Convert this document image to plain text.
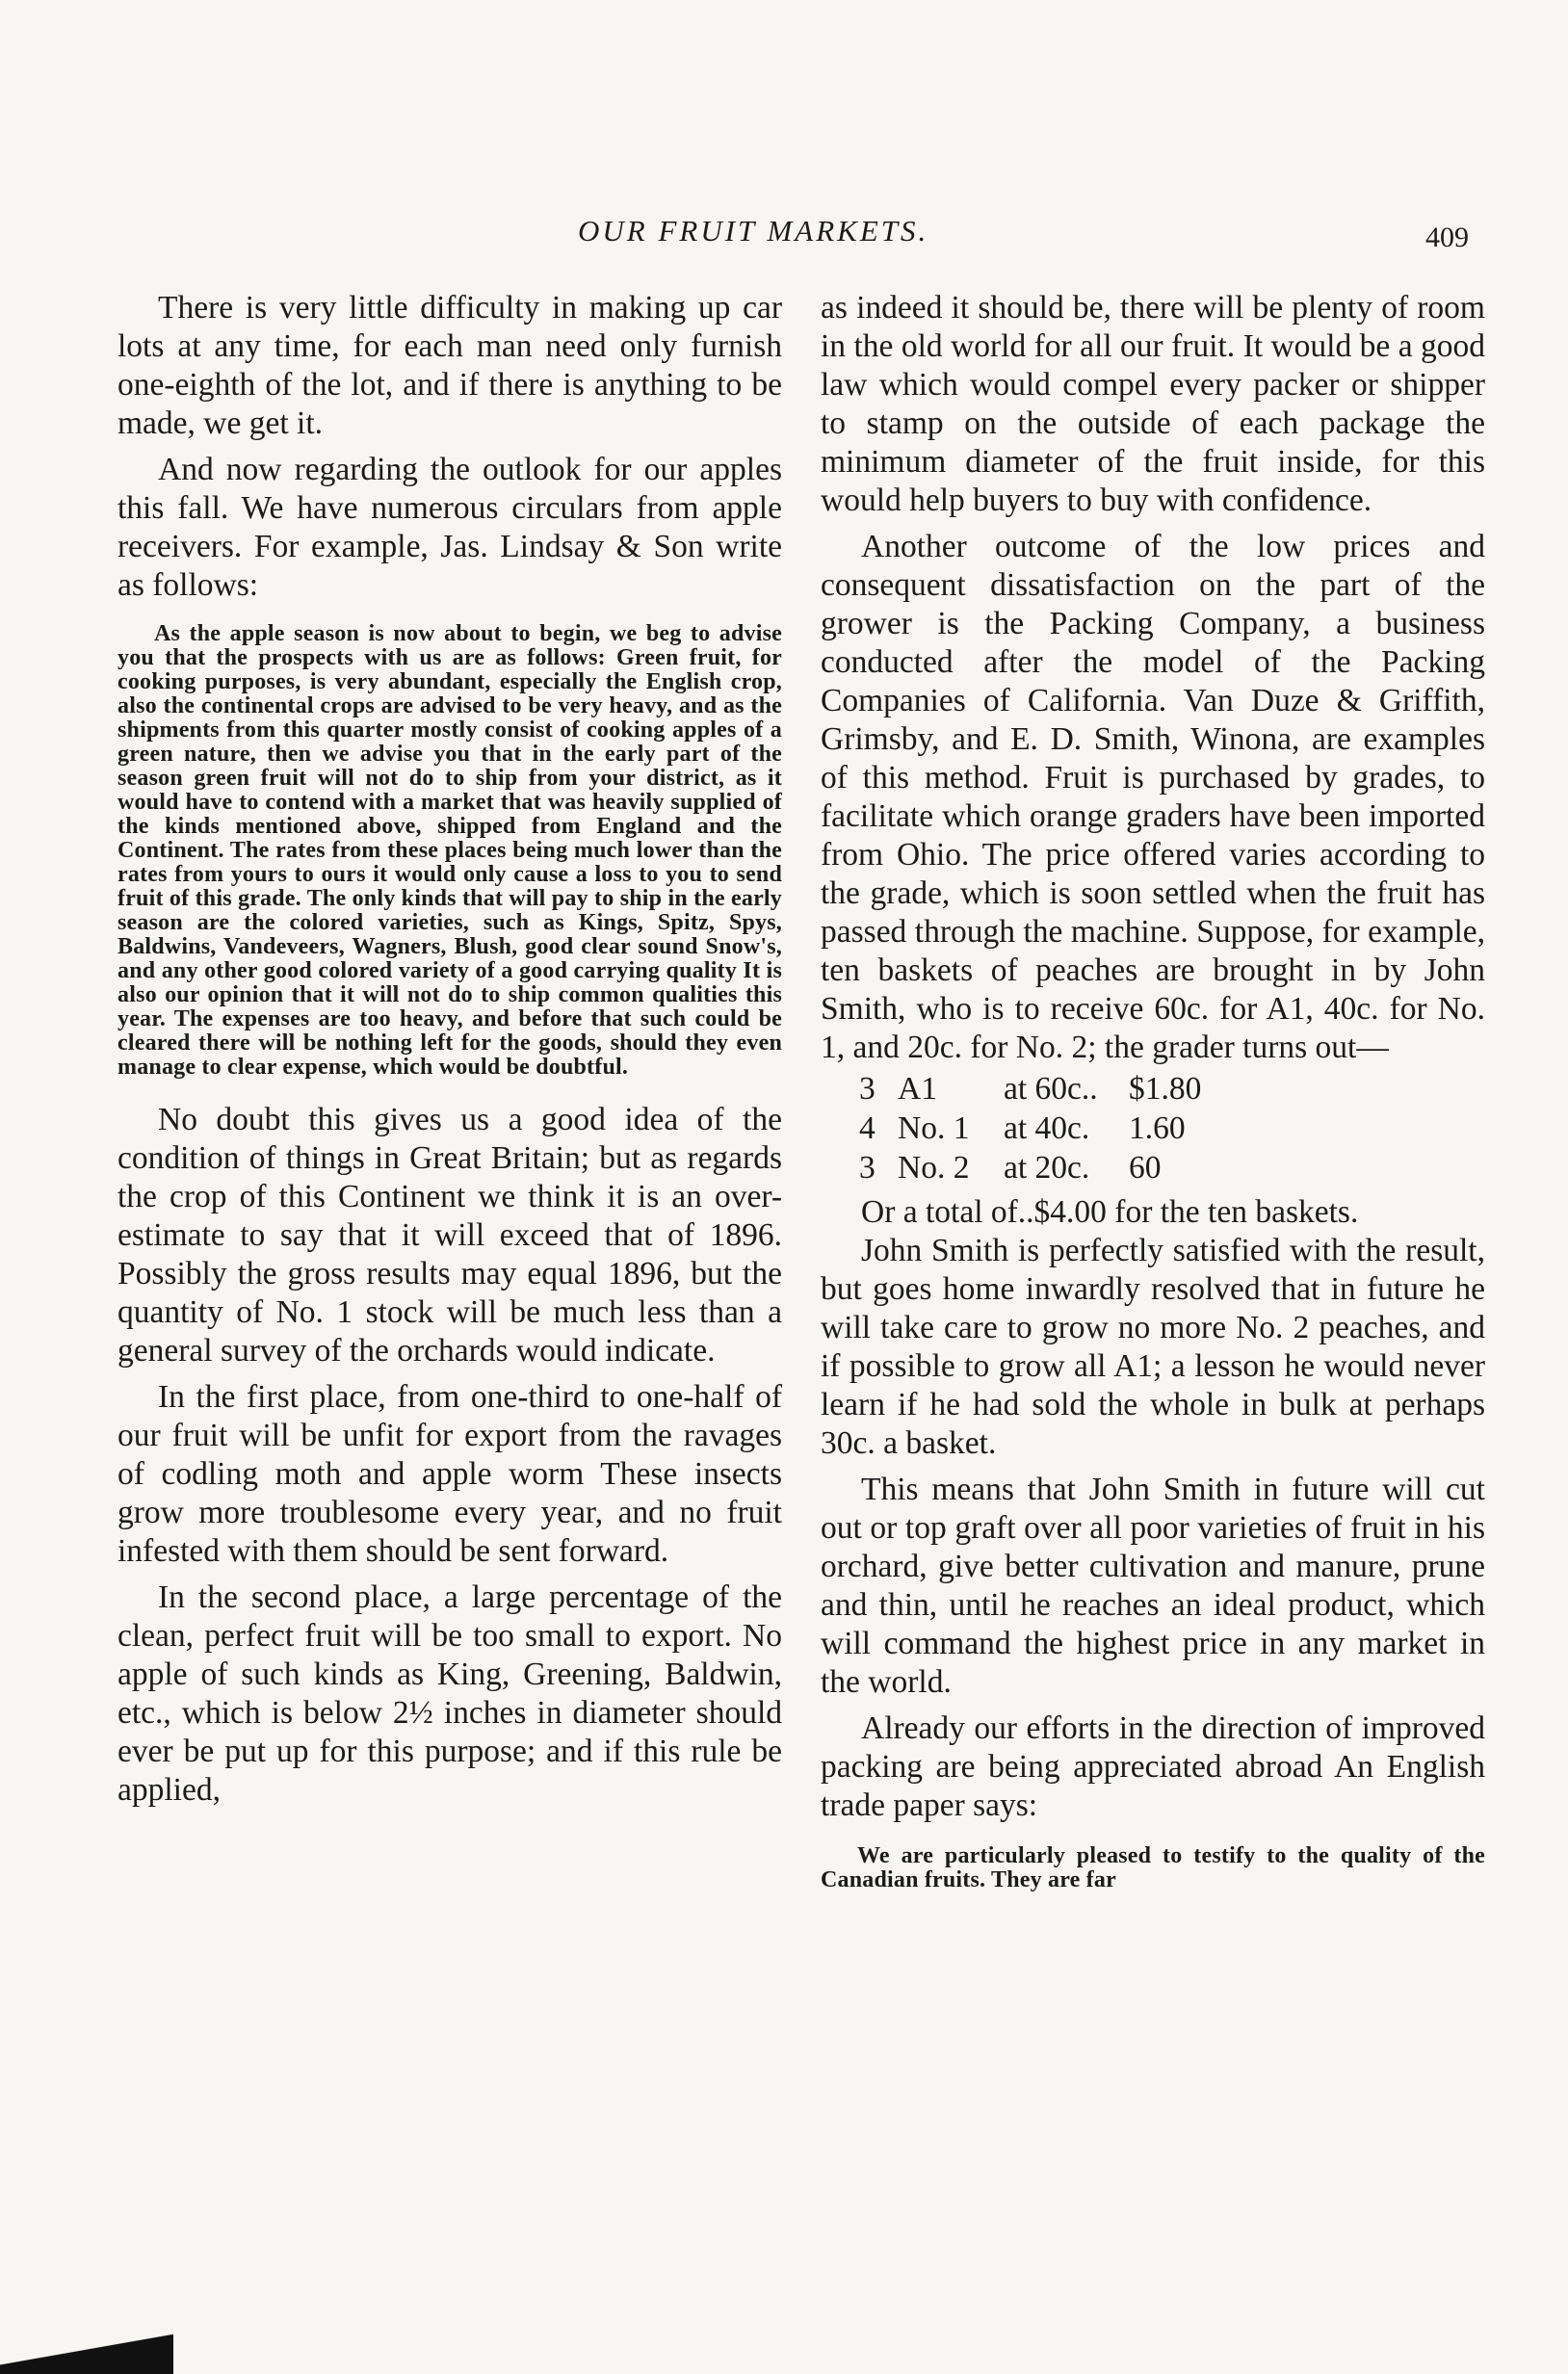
OUR FRUIT MARKETS.	409

There is very little difficulty in making up car lots at any time, for each man need only furnish one-eighth of the lot, and if there is anything to be made, we get it.

And now regarding the outlook for our apples this fall. We have numerous circulars from apple receivers. For example, Jas. Lindsay & Son write as follows:

As the apple season is now about to begin, we beg to advise you that the prospects with us are as follows: Green fruit, for cooking purposes, is very abundant, especially the English crop, also the continental crops are advised to be very heavy, and as the shipments from this quarter mostly consist of cooking apples of a green nature, then we advise you that in the early part of the season green fruit will not do to ship from your district, as it would have to contend with a market that was heavily supplied of the kinds mentioned above, shipped from England and the Continent. The rates from these places being much lower than the rates from yours to ours it would only cause a loss to you to send fruit of this grade. The only kinds that will pay to ship in the early season are the colored varieties, such as Kings, Spitz, Spys, Baldwins, Vandeveers, Wagners, Blush, good clear sound Snow's, and any other good colored variety of a good carrying quality It is also our opinion that it will not do to ship common qualities this year. The expenses are too heavy, and before that such could be cleared there will be nothing left for the goods, should they even manage to clear expense, which would be doubtful.

No doubt this gives us a good idea of the condition of things in Great Britain; but as regards the crop of this Continent we think it is an over-estimate to say that it will exceed that of 1896. Possibly the gross results may equal 1896, but the quantity of No. 1 stock will be much less than a general survey of the orchards would indicate.

In the first place, from one-third to one-half of our fruit will be unfit for export from the ravages of codling moth and apple worm These insects grow more troublesome every year, and no fruit infested with them should be sent forward.

In the second place, a large percentage of the clean, perfect fruit will be too small to export. No apple of such kinds as King, Greening, Baldwin, etc., which is below 2½ inches in diameter should ever be put up for this purpose; and if this rule be applied,

as indeed it should be, there will be plenty of room in the old world for all our fruit. It would be a good law which would compel every packer or shipper to stamp on the outside of each package the minimum diameter of the fruit inside, for this would help buyers to buy with confidence.

Another outcome of the low prices and consequent dissatisfaction on the part of the grower is the Packing Company, a business conducted after the model of the Packing Companies of California. Van Duze & Griffith, Grimsby, and E. D. Smith, Winona, are examples of this method. Fruit is purchased by grades, to facilitate which orange graders have been imported from Ohio. The price offered varies according to the grade, which is soon settled when the fruit has passed through the machine. Suppose, for example, ten baskets of peaches are brought in by John Smith, who is to receive 60c. for A1, 40c. for No. 1, and 20c. for No. 2; the grader turns out—

3 A1 at 60c.. $1.80
4 No. 1 at 40c. 1.60
3 No. 2 at 20c. 60

Or a total of..$4.00 for the ten baskets.

John Smith is perfectly satisfied with the result, but goes home inwardly resolved that in future he will take care to grow no more No. 2 peaches, and if possible to grow all A1; a lesson he would never learn if he had sold the whole in bulk at perhaps 30c. a basket.

This means that John Smith in future will cut out or top graft over all poor varieties of fruit in his orchard, give better cultivation and manure, prune and thin, until he reaches an ideal product, which will command the highest price in any market in the world.

Already our efforts in the direction of improved packing are being appreciated abroad An English trade paper says:

We are particularly pleased to testify to the quality of the Canadian fruits. They are far
